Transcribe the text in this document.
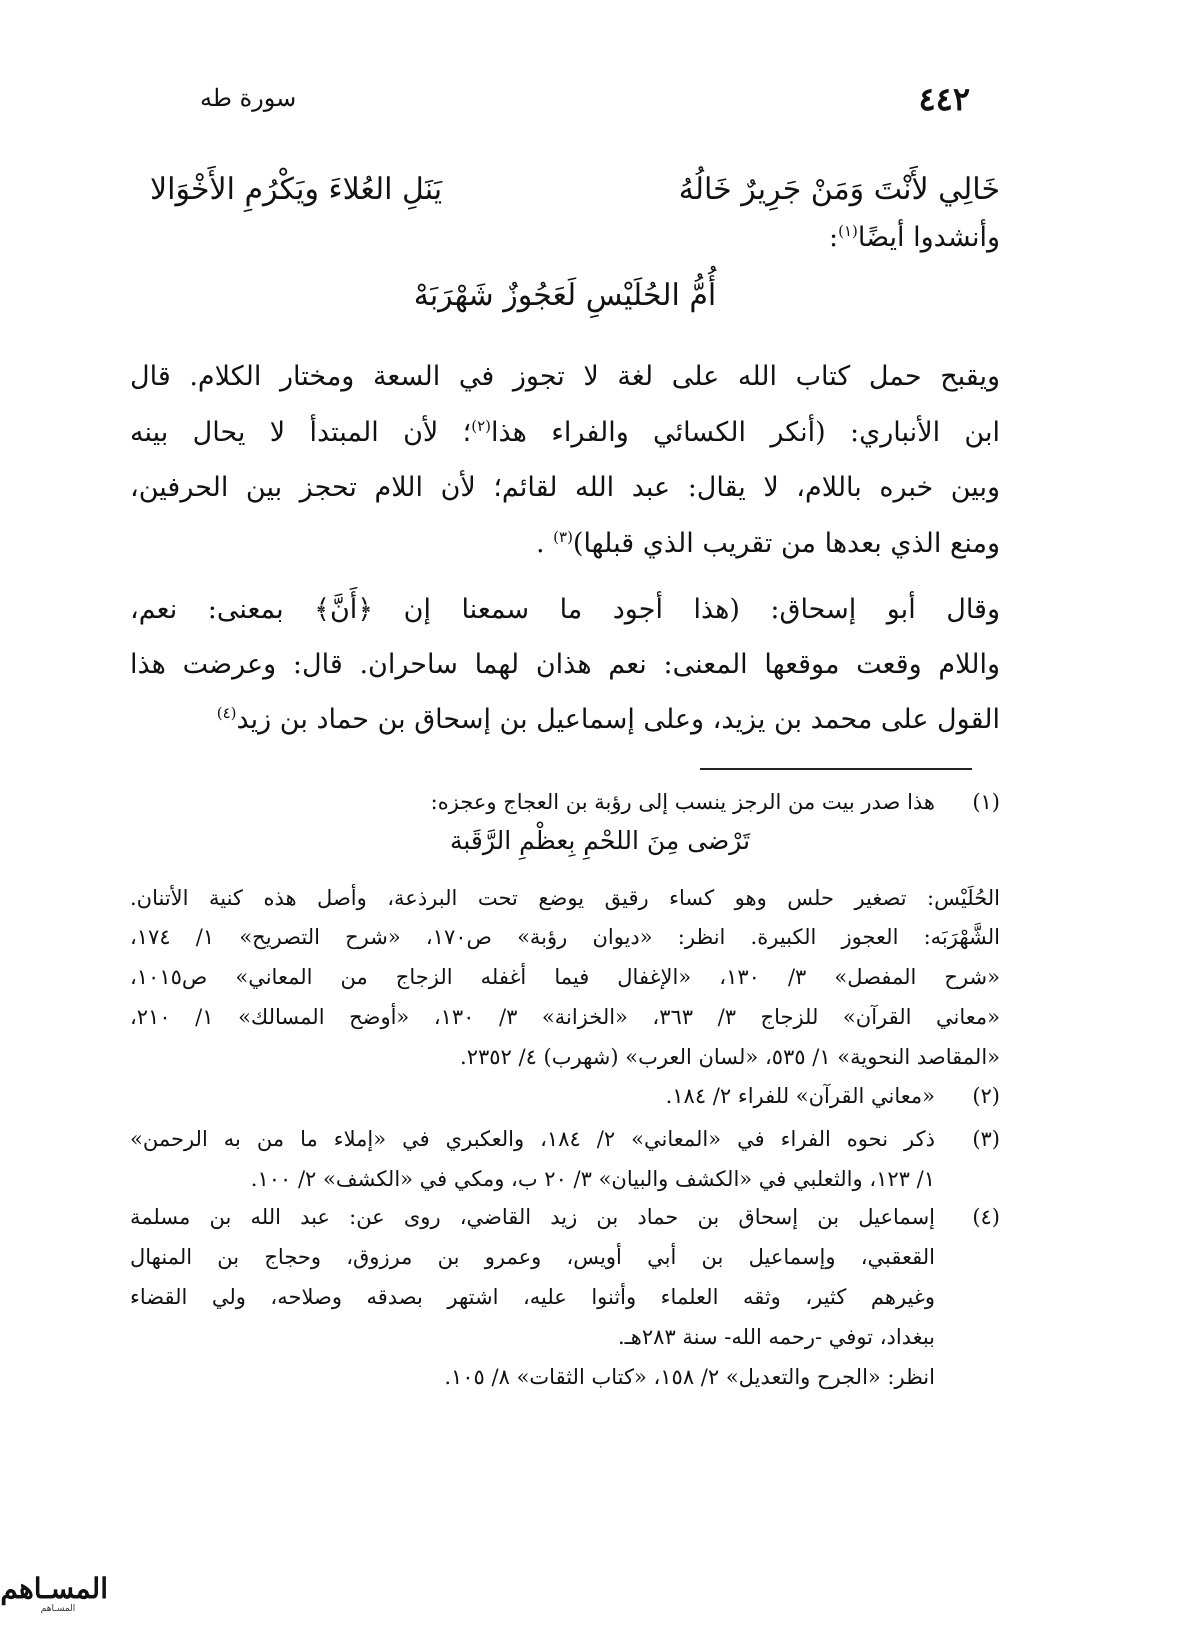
٤٤٢
سورة طه
خَالِي لأَنْتَ وَمَنْ جَرِيرٌ خَالُهُ
يَنَلِ العُلاءَ ويَكْرُمِ الأَخْوَالا
وأنشدوا أيضًا$^{(١)}$:
أُمُّ الحُلَيْسِ لَعَجُوزٌ شَهْرَبَهْ
ويقبح حمل كتاب الله على لغة لا تجوز في السعة ومختار الكلام. قال
ابن الأنباري: (أنكر الكسائي والفراء هذا$^{(٢)}$؛ لأن المبتدأ لا يحال بينه
وبين خبره باللام، لا يقال: عبد الله لقائم؛ لأن اللام تحجز بين الحرفين،
ومنع الذي بعدها من تقريب الذي قبلها)$^{(٣)}$ .
وقال أبو إسحاق: (هذا أجود ما سمعنا إن ﴿أَنَّ﴾ بمعنى: نعم،
واللام وقعت موقعها المعنى: نعم هذان لهما ساحران. قال: وعرضت هذا
القول على محمد بن يزيد، وعلى إسماعيل بن إسحاق بن حماد بن زيد$^{(٤)}$
(١)
هذا صدر بيت من الرجز ينسب إلى رؤبة بن العجاج وعجزه:
تَرْضى مِنَ اللحْمِ بِعظْمِ الرَّقَبة
الحُلَيْس: تصغير حلس وهو كساء رقيق يوضع تحت البرذعة، وأصل هذه كنية الأتنان.
الشَّهْرَبَه: العجوز الكبيرة. انظر: «ديوان رؤبة» ص١٧٠، «شرح التصريح» ١/ ١٧٤،
«شرح المفصل» ٣/ ١٣٠، «الإغفال فيما أغفله الزجاج من المعاني» ص١٠١٥،
«معاني القرآن» للزجاج ٣/ ٣٦٣، «الخزانة» ٣/ ١٣٠، «أوضح المسالك» ١/ ٢١٠،
«المقاصد النحوية» ١/ ٥٣٥، «لسان العرب» (شهرب) ٤/ ٢٣٥٢.
(٢)
«معاني القرآن» للفراء ٢/ ١٨٤.
(٣)
ذكر نحوه الفراء في «المعاني» ٢/ ١٨٤، والعكبري في «إملاء ما من به الرحمن»
١/ ١٢٣، والثعلبي في «الكشف والبيان» ٣/ ٢٠ ب، ومكي في «الكشف» ٢/ ١٠٠.
(٤)
إسماعيل بن إسحاق بن حماد بن زيد القاضي، روى عن: عبد الله بن مسلمة
القعقبي، وإسماعيل بن أبي أويس، وعمرو بن مرزوق، وحجاج بن المنهال
وغيرهم كثير، وثقه العلماء وأثنوا عليه، اشتهر بصدقه وصلاحه، ولي القضاء
ببغداد، توفي -رحمه الله- سنة ٢٨٣هـ.
انظر: «الجرح والتعديل» ٢/ ١٥٨، «كتاب الثقات» ٨/ ١٠٥.
المسـاهم
المسـاهم
